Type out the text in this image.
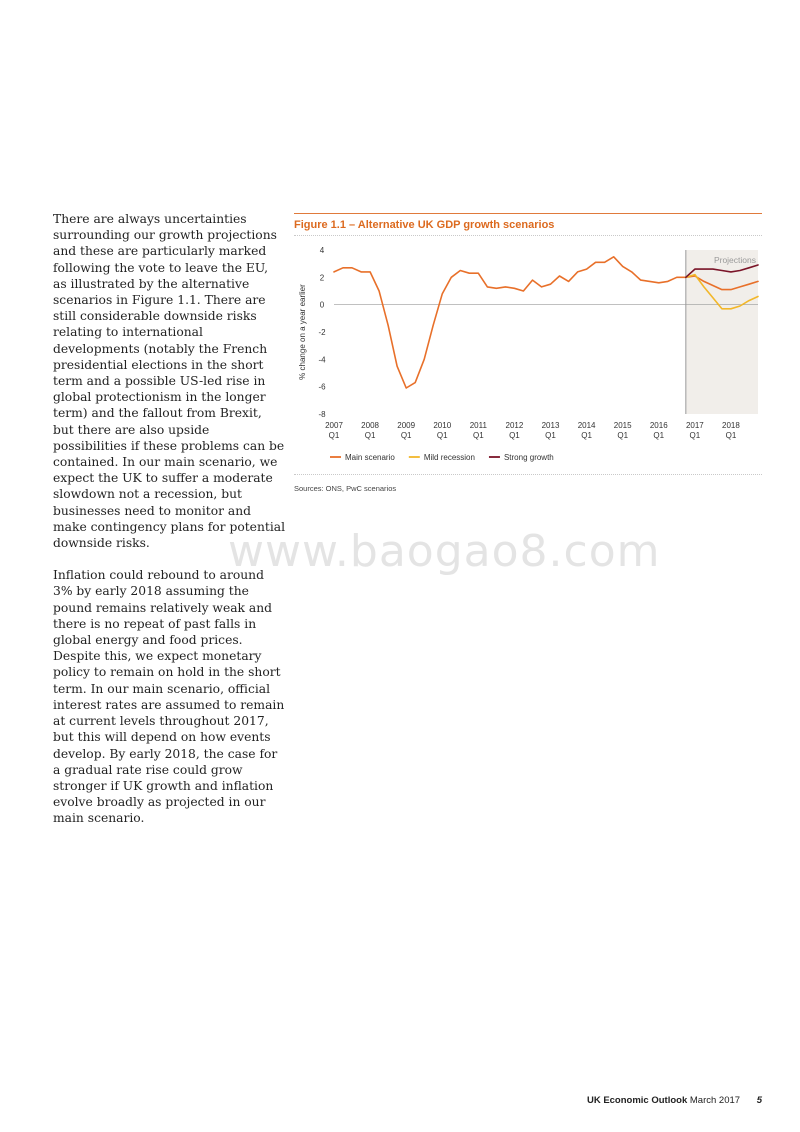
There are always uncertainties surrounding our growth projections and these are particularly marked following the vote to leave the EU, as illustrated by the alternative scenarios in Figure 1.1. There are still considerable downside risks relating to international developments (notably the French presidential elections in the short term and a possible US-led rise in global protectionism in the longer term) and the fallout from Brexit, but there are also upside possibilities if these problems can be contained. In our main scenario, we expect the UK to suffer a moderate slowdown not a recession, but businesses need to monitor and make contingency plans for potential downside risks.

Inflation could rebound to around 3% by early 2018 assuming the pound remains relatively weak and there is no repeat of past falls in global energy and food prices. Despite this, we expect monetary policy to remain on hold in the short term. In our main scenario, official interest rates are assumed to remain at current levels throughout 2017, but this will depend on how events develop. By early 2018, the case for a gradual rate rise could grow stronger if UK growth and inflation evolve broadly as projected in our main scenario.

Figure 1.1 – Alternative UK GDP growth scenarios
Projections
4
2
0
-2
-4
-6
-8
% change on a year earlier
2007
Q1
2008
Q1
2009
Q1
2010
Q1
2011
Q1
2012
Q1
2013
Q1
2014
Q1
2015
Q1
2016
Q1
2017
Q1
2018
Q1
Main scenario	Mild recession	Strong growth
Sources: ONS, PwC scenarios
www.baogao8.com
UK Economic Outlook March 2017 5
